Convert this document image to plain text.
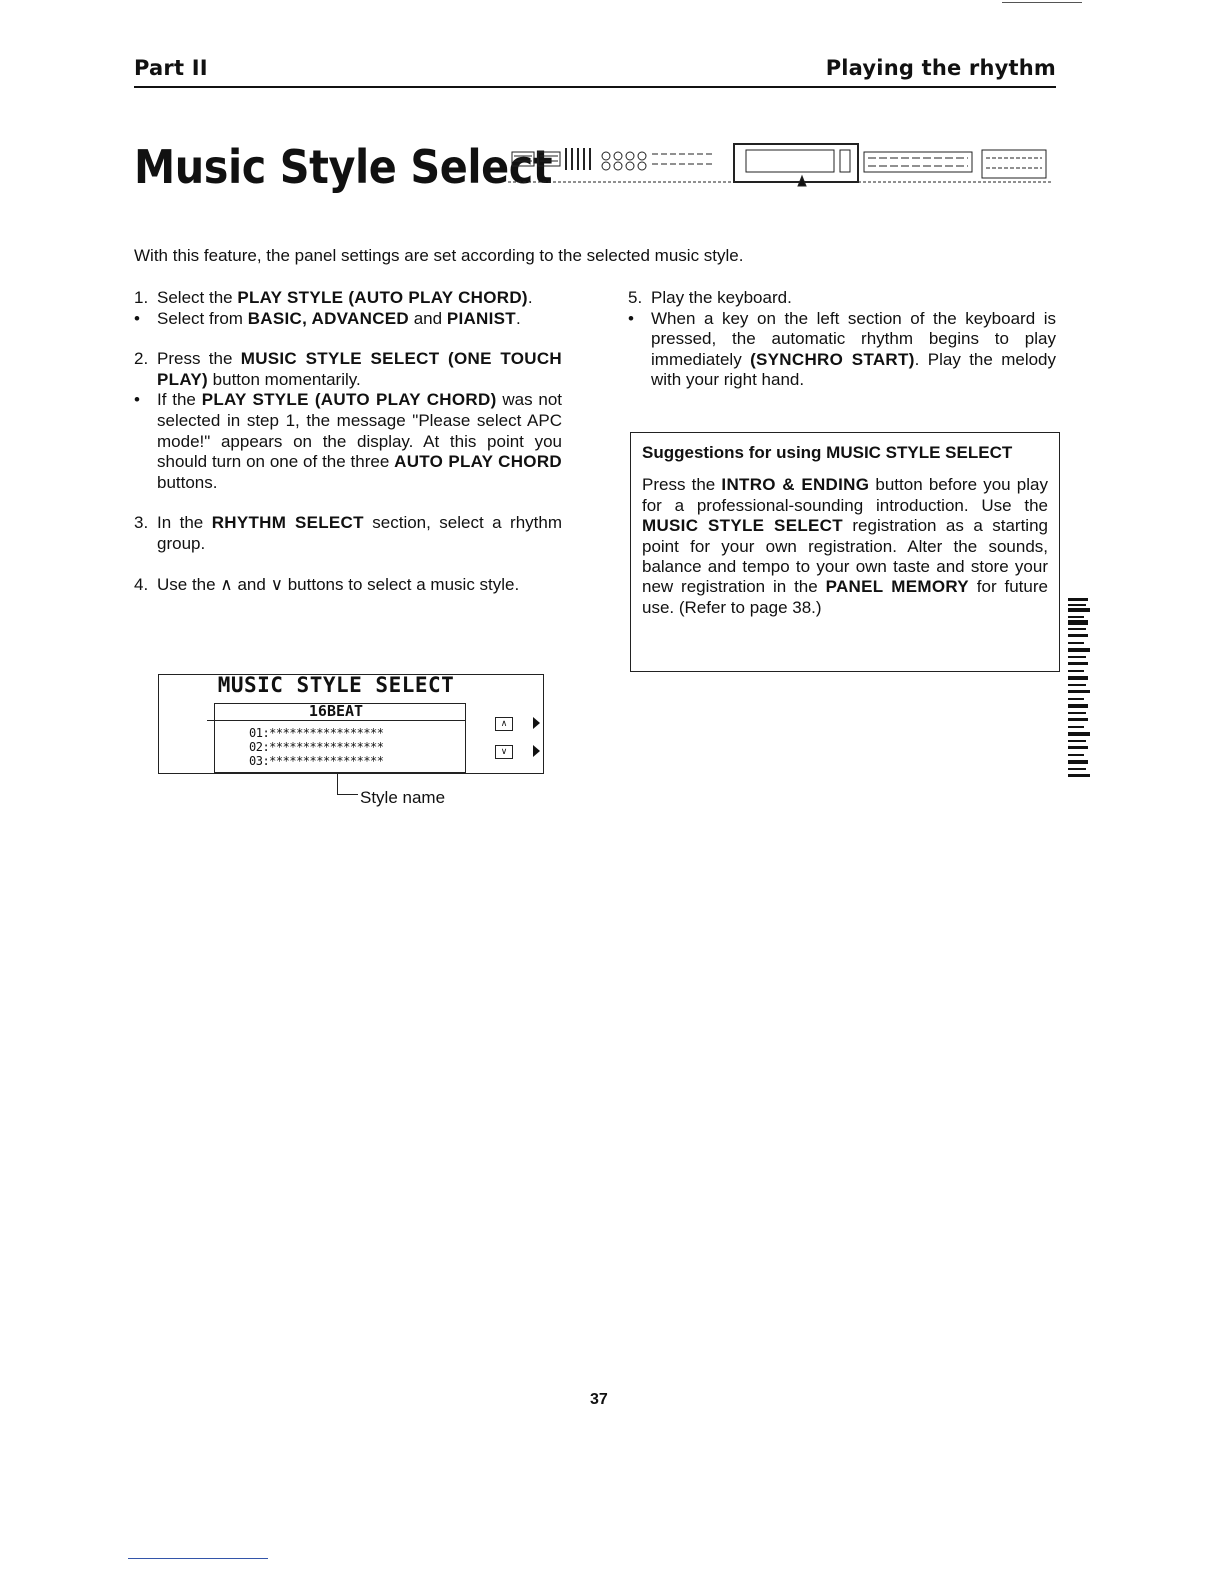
Part II	Playing the rhythm
Music Style Select
With this feature, the panel settings are set according to the selected music style.
1. Select the PLAY STYLE (AUTO PLAY CHORD).
•	Select from BASIC, ADVANCED and PIANIST.
2. Press the MUSIC STYLE SELECT (ONE TOUCH PLAY) button momentarily.
•	If the PLAY STYLE (AUTO PLAY CHORD) was not selected in step 1, the message "Please select APC mode!" appears on the display. At this point you should turn on one of the three AUTO PLAY CHORD buttons.
3. In the RHYTHM SELECT section, select a rhythm group.
4. Use the ∧ and ∨ buttons to select a music style.
5. Play the keyboard.
•	When a key on the left section of the keyboard is pressed, the automatic rhythm begins to play immediately (SYNCHRO START). Play the melody with your right hand.
Suggestions for using MUSIC STYLE SELECT
Press the INTRO & ENDING button before you play for a professional-sounding introduction. Use the MUSIC STYLE SELECT registration as a starting point for your own registration. Alter the sounds, balance and tempo to your own taste and store your new registration in the PANEL MEMORY for future use. (Refer to page 38.)
MUSIC STYLE SELECT
16BEAT
01:*****************
02:*****************
03:*****************
∧
∨
Style name
37
